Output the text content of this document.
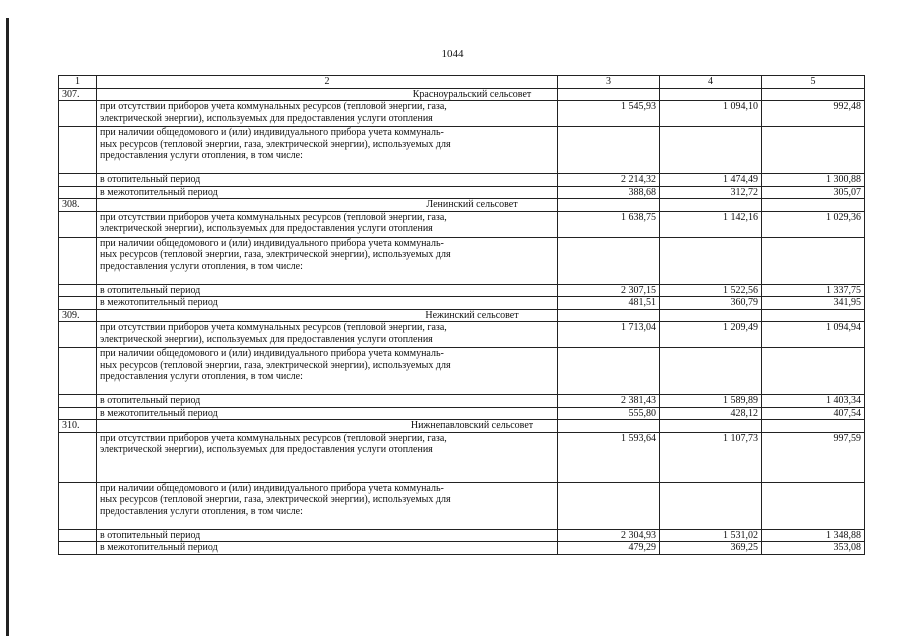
1044
1	2	3	4	5
307.	Красноуральский сельсовет			

	при отсутствии приборов учета коммунальных ресурсов (тепловой энергии, газа,
электрической энергии), используемых для предоставления услуги отопления	1 545,93	1 094,10	992,48

	при наличии общедомового и (или) индивидуального прибора учета коммуналь-
ных ресурсов (тепловой энергии, газа, электрической энергии), используемых для
предоставления услуги отопления, в том числе:			

	в отопительный период	2 214,32	1 474,49	1 300,88

	в межотопительный период	388,68	312,72	305,07
308.	Ленинский сельсовет			

	при отсутствии приборов учета коммунальных ресурсов (тепловой энергии, газа,
электрической энергии), используемых для предоставления услуги отопления	1 638,75	1 142,16	1 029,36

	при наличии общедомового и (или) индивидуального прибора учета коммуналь-
ных ресурсов (тепловой энергии, газа, электрической энергии), используемых для
предоставления услуги отопления, в том числе:			

	в отопительный период	2 307,15	1 522,56	1 337,75

	в межотопительный период	481,51	360,79	341,95
309.	Нежинский сельсовет			

	при отсутствии приборов учета коммунальных ресурсов (тепловой энергии, газа,
электрической энергии), используемых для предоставления услуги отопления	1 713,04	1 209,49	1 094,94

	при наличии общедомового и (или) индивидуального прибора учета коммуналь-
ных ресурсов (тепловой энергии, газа, электрической энергии), используемых для
предоставления услуги отопления, в том числе:			

	в отопительный период	2 381,43	1 589,89	1 403,34

	в межотопительный период	555,80	428,12	407,54
310.	Нижнепавловский сельсовет			

	при отсутствии приборов учета коммунальных ресурсов (тепловой энергии, газа,
электрической энергии), используемых для предоставления услуги отопления	1 593,64	1 107,73	997,59

	при наличии общедомового и (или) индивидуального прибора учета коммуналь-
ных ресурсов (тепловой энергии, газа, электрической энергии), используемых для
предоставления услуги отопления, в том числе:			

	в отопительный период	2 304,93	1 531,02	1 348,88

	в межотопительный период	479,29	369,25	353,08
